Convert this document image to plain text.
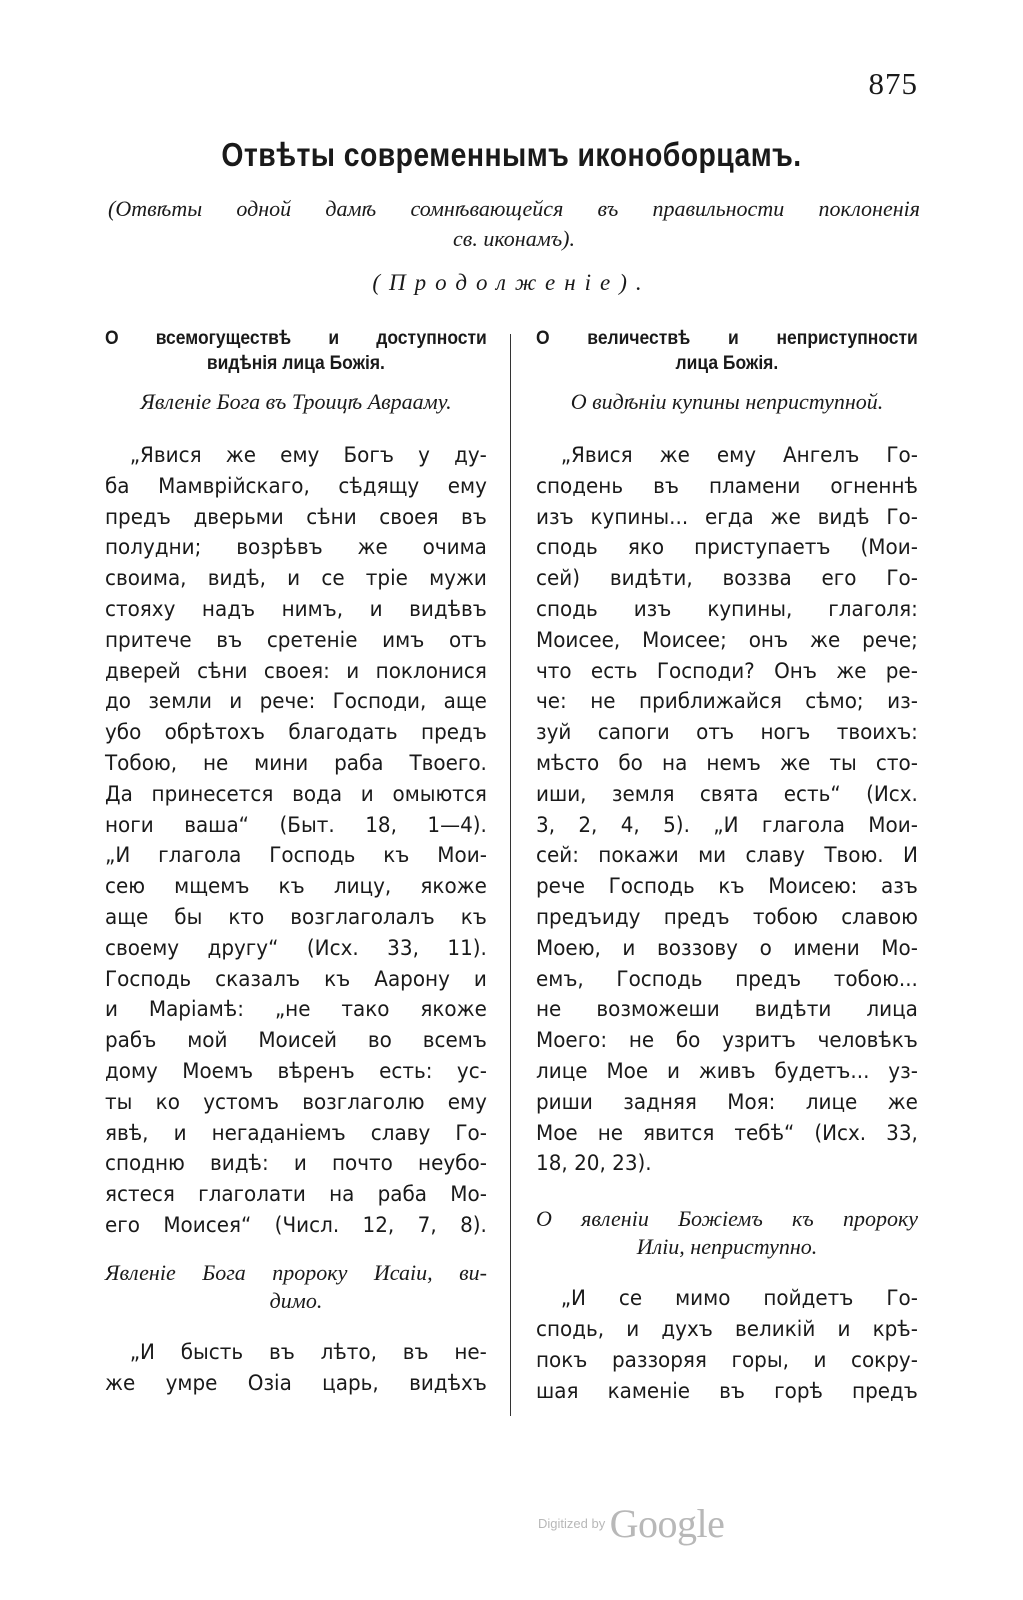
875
Отвѣты современнымъ иконоборцамъ.
(Отвѣты одной дамѣ сомнѣвающейся въ правильности поклоненія
св. иконамъ).
(Продолженіе).
О всемогуществѣ и доступности
видѣнія лица Божія.
Явленіе Бога въ Троицѣ Аврааму.
„Явися же ему Богъ у ду-
ба Мамврійскаго, сѣдящу ему
предъ дверьми сѣни своея въ
полудни; возрѣвъ же очима
своима, видѣ, и се тріе мужи
стояху надъ нимъ, и видѣвъ
притече въ сретеніе имъ отъ
дверей сѣни своея: и поклонися
до земли и рече: Господи, аще
убо обрѣтохъ благодать предъ
Тобою, не мини раба Твоего.
Да принесется вода и омыются
ноги ваша“ (Быт. 18, 1—4).
„И глагола Господь къ Мои-
сею мщемъ къ лицу, якоже
аще бы кто возглаголалъ къ
своему другу“ (Исх. 33, 11).
Господь сказалъ къ Аарону и
и Маріамѣ: „не тако якоже
рабъ мой Моисей во всемъ
дому Моемъ вѣренъ есть: ус-
ты ко устомъ возглаголю ему
явѣ, и негаданіемъ славу Го-
сподню видѣ: и почто неубо-
ястеся глаголати на раба Мо-
его Моисея“ (Числ. 12, 7, 8).
Явленіе Бога пророку Исаіи, ви-
димо.
„И бысть въ лѣто, въ не-
же умре Озіа царь, видѣхъ
О величествѣ и неприступности
лица Божія.
О видѣніи купины неприступной.
„Явися же ему Ангелъ Го-
сподень въ пламени огненнѣ
изъ купины... егда же видѣ Го-
сподь яко приступаетъ (Мои-
сей) видѣти, воззва его Го-
сподь изъ купины, глаголя:
Моисее, Моисее; онъ же рече;
что есть Господи? Онъ же ре-
че: не приближайся сѣмо; из-
зуй сапоги отъ ногъ твоихъ:
мѣсто бо на немъ же ты сто-
иши, земля свята есть“ (Исх.
3, 2, 4, 5). „И глагола Мои-
сей: покажи ми славу Твою. И
рече Господь къ Моисею: азъ
предъиду предъ тобою славою
Моею, и воззову о имени Мо-
емъ, Господь предъ тобою...
не возможеши видѣти лица
Моего: не бо узритъ человѣкъ
лице Мое и живъ будетъ... уз-
риши задняя Моя: лице же
Мое не явится тебѣ“ (Исх. 33,
18, 20, 23).
О явленіи Божіемъ къ пророку
Иліи, неприступно.
„И се мимо пойдетъ Го-
сподь, и духъ великій и крѣ-
покъ раззоряя горы, и сокру-
шая каменіе въ горѣ предъ
Digitized by Google
